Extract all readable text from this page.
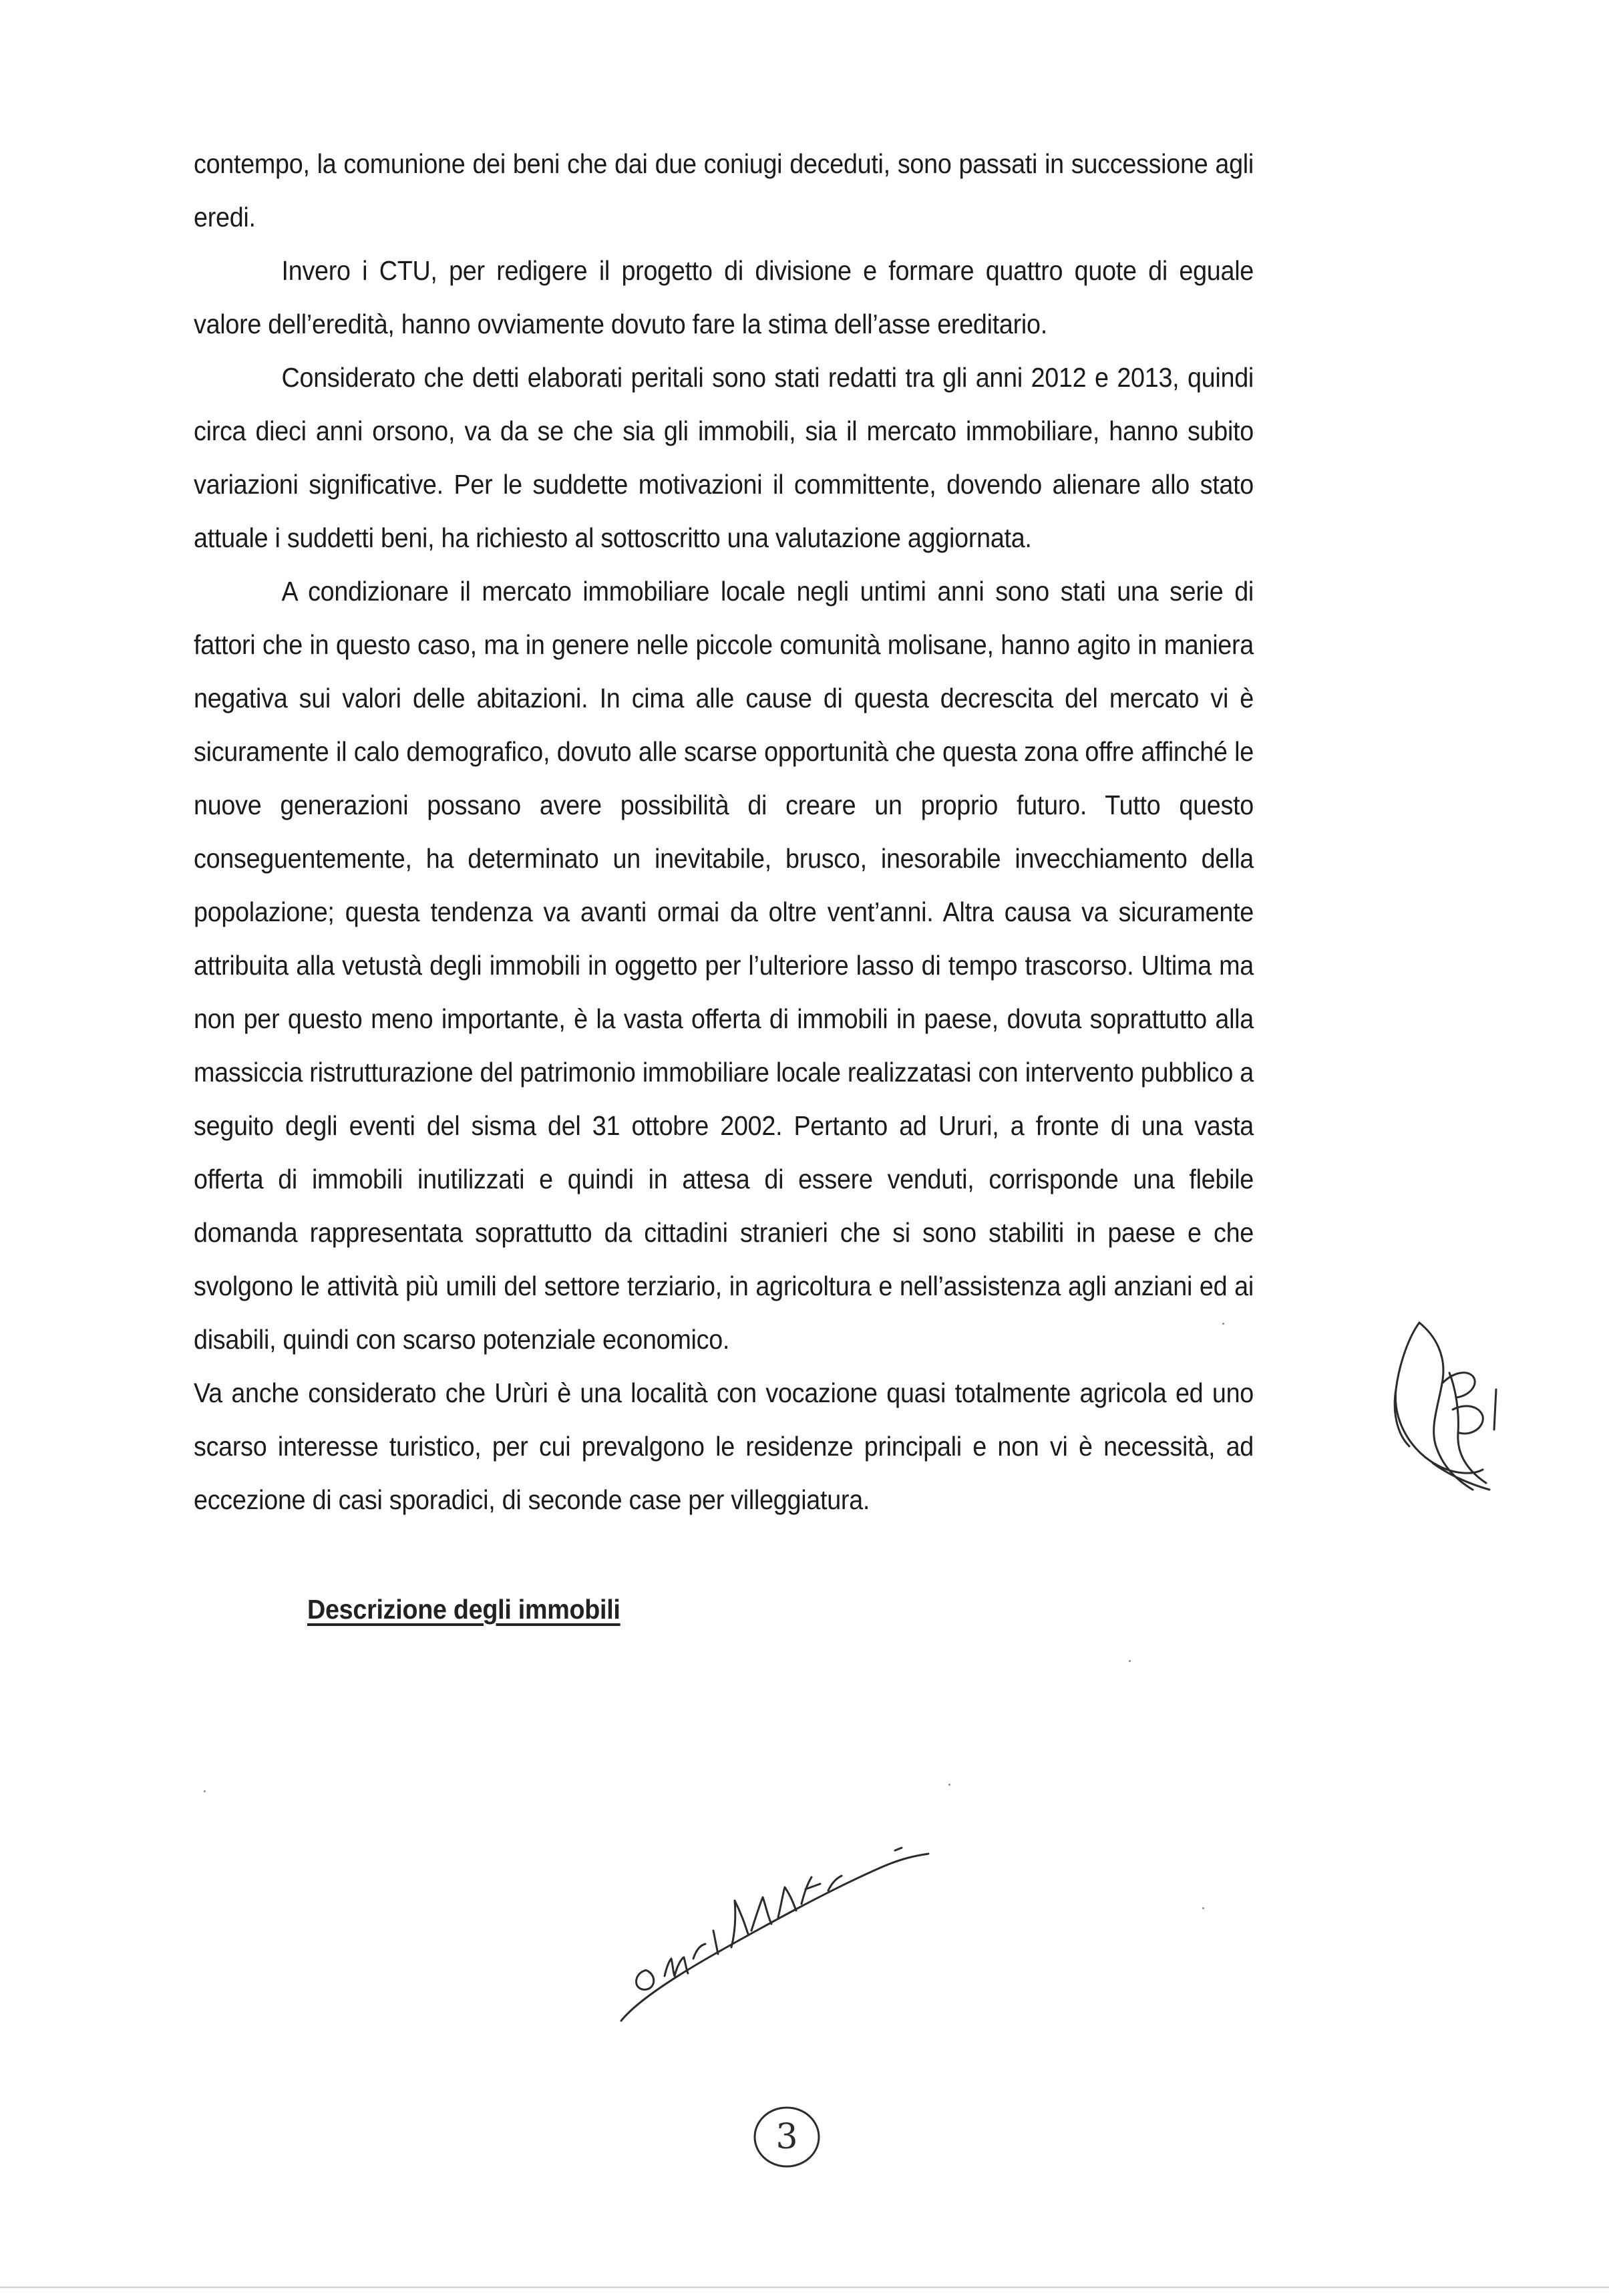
contempo, la comunione dei beni che dai due coniugi deceduti, sono passati in successione agli eredi.

Invero i CTU, per redigere il progetto di divisione e formare quattro quote di eguale valore dell’eredità, hanno ovviamente dovuto fare la stima dell’asse ereditario.

Considerato che detti elaborati peritali sono stati redatti tra gli anni 2012 e 2013, quindi circa dieci anni orsono, va da se che sia gli immobili, sia il mercato immobiliare, hanno subito variazioni significative. Per le suddette motivazioni il committente, dovendo alienare allo stato attuale i suddetti beni, ha richiesto al sottoscritto una valutazione aggiornata.

A condizionare il mercato immobiliare locale negli untimi anni sono stati una serie di fattori che in questo caso, ma in genere nelle piccole comunità molisane, hanno agito in maniera negativa sui valori delle abitazioni. In cima alle cause di questa decrescita del mercato vi è sicuramente il calo demografico, dovuto alle scarse opportunità che questa zona offre affinché le nuove generazioni possano avere possibilità di creare un proprio futuro. Tutto questo conseguentemente, ha determinato un inevitabile, brusco, inesorabile invecchiamento della popolazione; questa tendenza va avanti ormai da oltre vent’anni. Altra causa va sicuramente attribuita alla vetustà degli immobili in oggetto per l’ulteriore lasso di tempo trascorso. Ultima ma non per questo meno importante, è la vasta offerta di immobili in paese, dovuta soprattutto alla massiccia ristrutturazione del patrimonio immobiliare locale realizzatasi con intervento pubblico a seguito degli eventi del sisma del 31 ottobre 2002. Pertanto ad Ururi, a fronte di una vasta offerta di immobili inutilizzati e quindi in attesa di essere venduti, corrisponde una flebile domanda rappresentata soprattutto da cittadini stranieri che si sono stabiliti in paese e che svolgono le attività più umili del settore terziario, in agricoltura e nell’assistenza agli anziani ed ai disabili, quindi con scarso potenziale economico.

Va anche considerato che Urùri è una località con vocazione quasi totalmente agricola ed uno scarso interesse turistico, per cui prevalgono le residenze principali e non vi è necessità, ad eccezione di casi sporadici, di seconde case per villeggiatura.

Descrizione degli immobili
3
